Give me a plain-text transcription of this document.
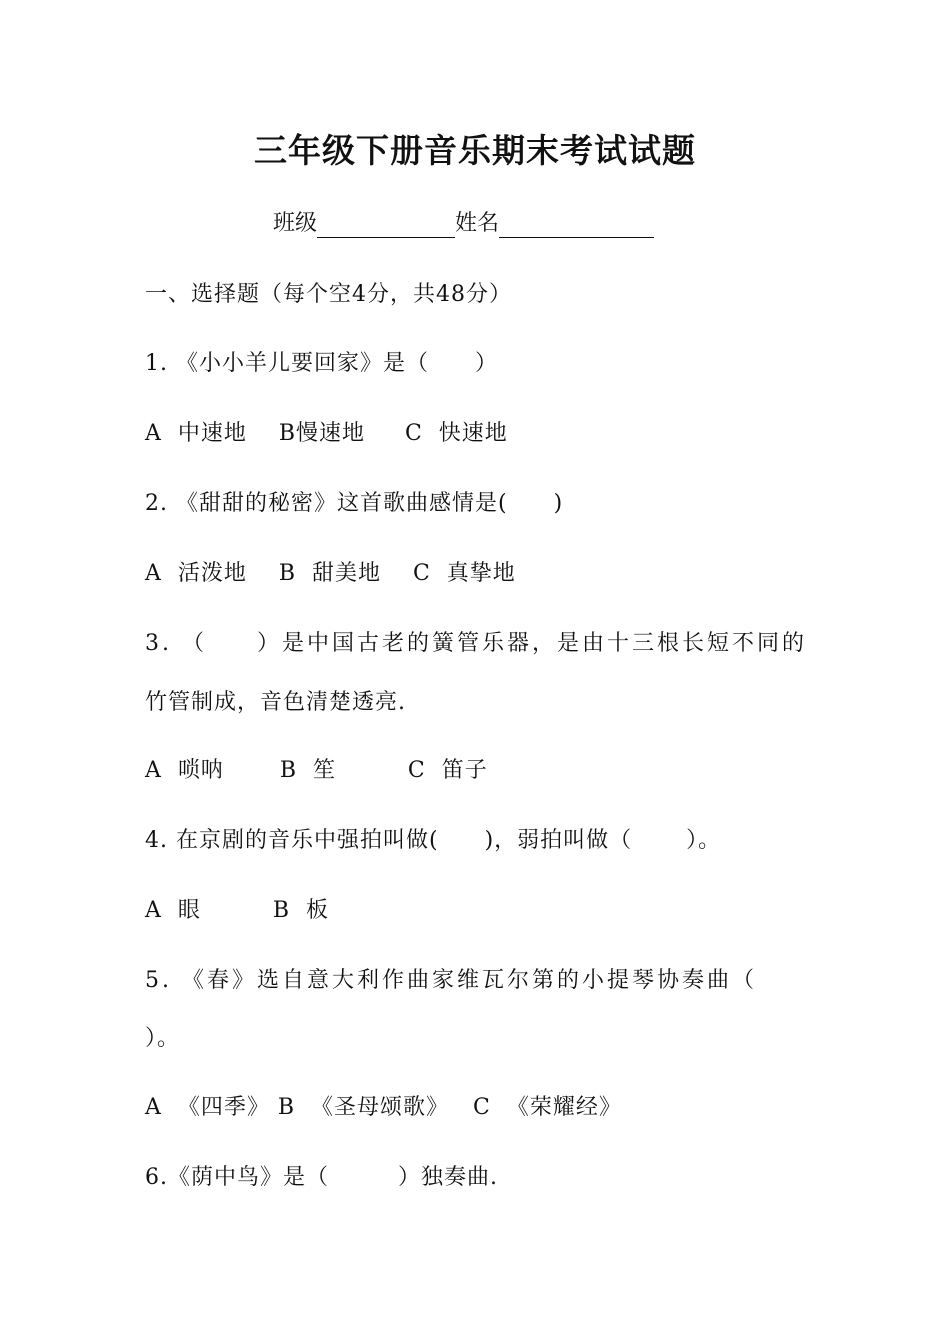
三年级下册音乐期末考试试题
班级	姓名
一、选择题（每个空4分，共48分）
1. 《小小羊儿要回家》是（　　）
A  中速地    B慢速地     C  快速地
2. 《甜甜的秘密》这首歌曲感情是(　　)
A  活泼地    B  甜美地    C  真挚地
3. （　　）是中国古老的簧管乐器，是由十三根长短不同的
竹管制成，音色清楚透亮.
A  唢呐       B  笙         C  笛子
4. 在京剧的音乐中强拍叫做(　　)，弱拍叫做（　　 ）。
A  眼         B  板
5. 《春》选自意大利作曲家维瓦尔第的小提琴协奏曲（
）。
A  《四季》 B  《圣母颂歌》   C  《荣耀经》
6.《荫中鸟》是（　　　）独奏曲.
